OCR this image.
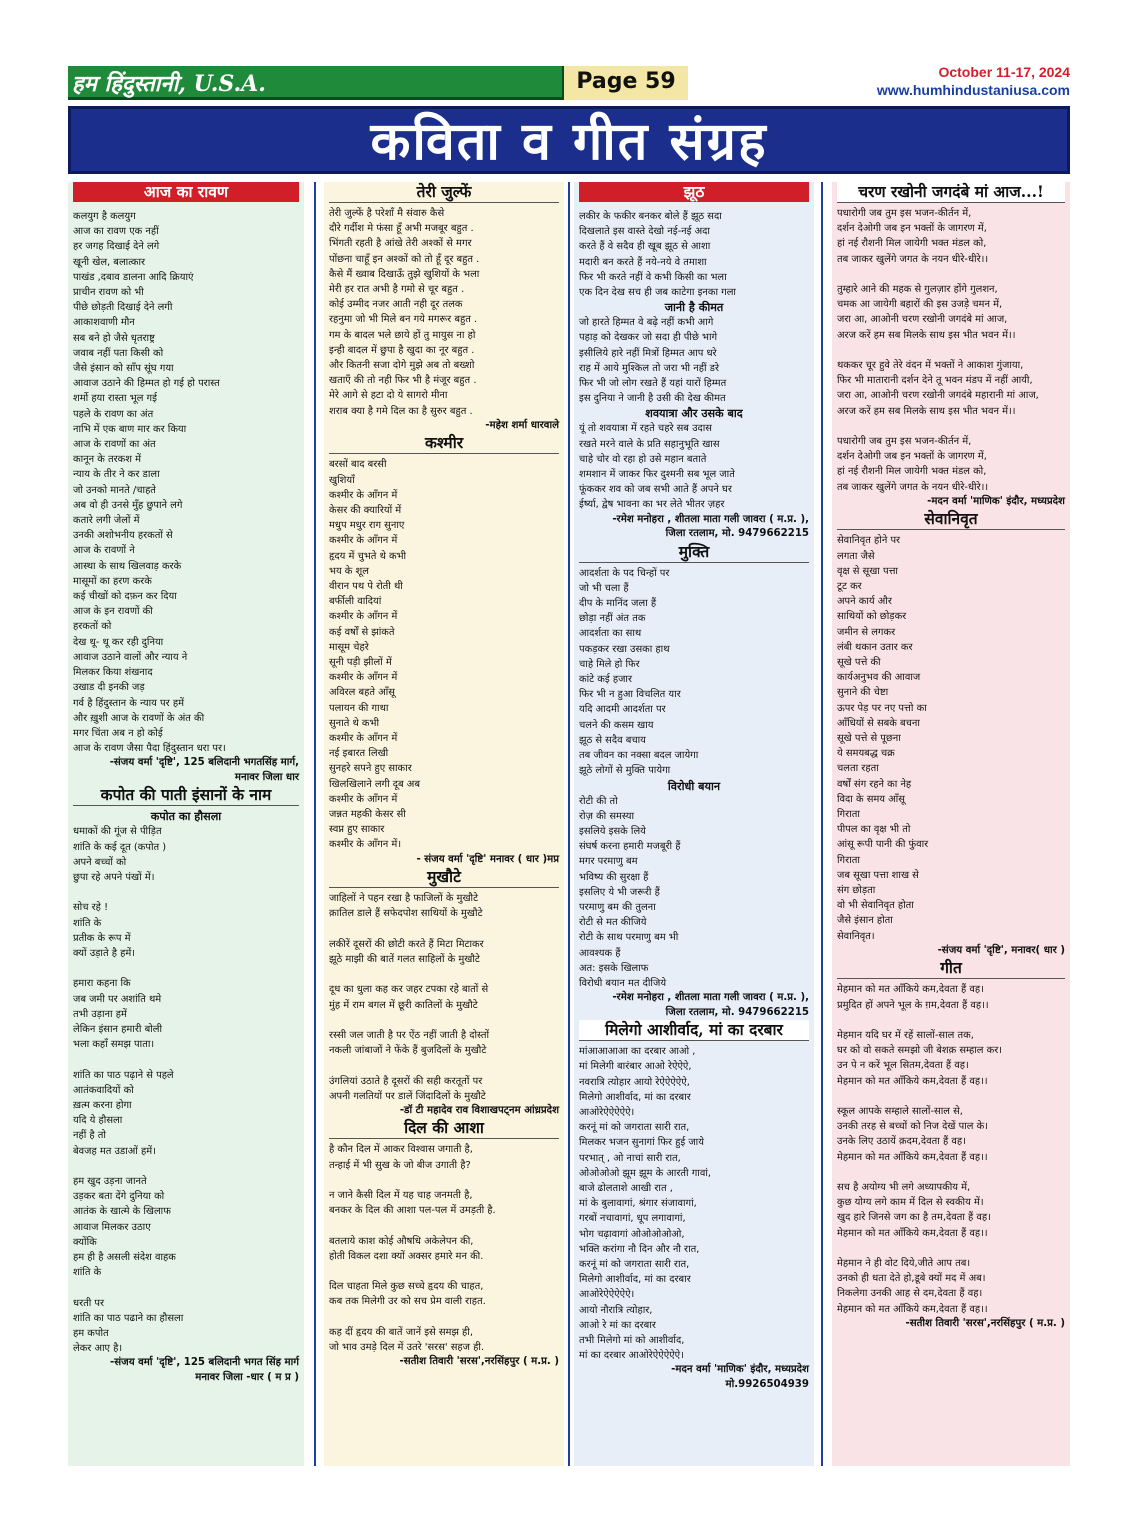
हम हिंदुस्तानी, U.S.A.	Page 59	October 11-17, 2024
www.humhindustaniusa.com
कविता व गीत संग्रह
आज का रावण
कलयुग है कलयुग
आज का रावण एक नहीं
हर जगह दिखाई देने लगे
खूनी खेल, बलात्कार
पाखंड ,दबाव डालना आदि क्रियाएं
प्राचीन रावण को भी
पीछे छोड़ती दिखाई देने लगी
आकाशवाणी मौन
सब बने हो जैसे धृतराष्ट्र
जवाब नहीं पता किसी को
जैसे इंसान को साँप सूंघ गया
आवाज उठाने की हिम्मत हो गई हो परास्त
शर्मो हया रास्ता भूल गई
पहले के रावण का अंत
नाभि में एक बाण मार कर किया
आज के रावणों का अंत
कानून के तरकश में
न्याय के तीर ने कर डाला
जो उनको मानते /चाहते
अब वो ही उनसे मुँह छुपाने लगे
कतारे लगी जेलों में
उनकी अशोभनीय हरकतों से
आज के रावणों ने
आस्था के साथ खिलवाड़ करके
मासूमों का हरण करके
कई चीखों को दफ़न कर दिया
आज के इन रावणों की
हरकतों को
देख थू- थू कर रही दुनिया
आवाज उठाने वालों और न्याय ने
मिलकर किया शंखनाद
उखाड दी इनकी जड़
गर्व है हिंदुस्तान के न्याय पर हमें
और ख़ुशी आज के रावणों के अंत की
मगर चिंता अब न हो कोई
आज के रावण जैसा पैदा हिंदुस्तान धरा पर।
-संजय वर्मा 'दृष्टि', 125 बलिदानी भगतसिंह मार्ग, मनावर जिला धार
कपोत की पाती इंसानों के नाम
कपोत का हौसला
धमाकों की गूंज से पीड़ित
शांति के कई दूत (कपोत )
अपने बच्चों को
छुपा रहे अपने पंखों में।
सोच रहे !
शांति के
प्रतीक के रूप में
क्यों उड़ाते है हमें।
हमारा कहना कि
जब जमी पर अशांति थमे
तभी उड़ाना हमें
लेकिन इंसान हमारी बोली
भला कहाँ समझ पाता।
शांति का पाठ पढ़ाने से पहले
आतंकवादियों को
ख़त्म करना होगा
यदि ये हौसला
नहीं है तो
बेवजह मत उडाओं हमें।
हम खुद उड़ना जानते
उड़कर बता देंगे दुनिया को
आतंक के खात्मे के खिलाफ
आवाज मिलकर उठाए
क्योंकि
हम ही है असली संदेश वाहक
शांति के
धरती पर
शांति का पाठ पढाने का हौसला
हम कपोत
लेकर आए है।
-संजय वर्मा 'दृष्टि', 125 बलिदानी भगत सिंह मार्ग मनावर जिला -धार ( म प्र )
तेरी जुल्फें
तेरी जुल्फें है परेशाँ मै संवारु कैसे
दौरे गर्दीश मे फंसा हूँ अभी मजबूर बहुत .
भिंगती रहती है आंखे तेरी अश्कों से मगर
पोंछना चाहूँ इन अश्कों को तो हूँ दूर बहुत .
कैसे मैं ख्वाब दिखाऊँ तुझे खुशियों के भला
मेरी हर रात अभी है गमो से चूर बहुत .
कोई उम्मीद नजर आती नही दूर तलक
रहनुमा जो भी मिले बन गये मगरूर बहुत .
गम के बादल भले छाये हों तु मायुस ना हो
इन्ही बादल में छुपा है खुदा का नूर बहुत .
और कितनी सजा दोगे मुझे अब तो बख्शो
खताएँ की तो नही फिर भी है मंजूर बहुत .
मेरे आगे से हटा दो ये सागरो मीना
शराब क्या है गमे दिल का है सुरुर बहुत .
-महेश शर्मा धारवाले
कश्मीर
बरसों बाद बरसी
खुशियाँ
कश्मीर के आँगन में
केसर की क्यारियों में
मधुप मधुर राग सुनाए
कश्मीर के आँगन में
हृदय में चुभते थे कभी
भय के शूल
वीरान पथ पे रोती थी
बर्फीली वादियां
कश्मीर के आँगन में
कई वर्षों से झांकते
मासूम चेहरे
सूनी पड़ी झीलों में
कश्मीर के आँगन में
अविरल बहते आँसू
पलायन की गाथा
सुनाते थे कभी
कश्मीर के आँगन में
नई इबारत लिखी
सुनहरे सपने हुए साकार
खिलखिलाने लगी दूब अब
कश्मीर के आँगन में
जन्नत महकी केसर सी
स्वप्न हुए साकार
कश्मीर के आँगन में।
- संजय वर्मा 'दृष्टि' मनावर ( धार )मप्र
मुखौटे
जाहिलों ने पहन रखा है फाजिलों के मुखौटे
क़ातिल डाले हैं सफेदपोश साथियों के मुखौटे
लकीरें दूसरों की छोटी करते हैं मिटा मिटाकर
झूठे माझी की बातें गलत साहिलों के मुखौटे
दूध का धुला कह कर जहर टपका रहे बातों से
मुंह में राम बगल में छूरी कातिलों के मुखौटे
रस्सी जल जाती है पर ऐंठ नहीं जाती है दोस्तों
नकली जांबाजों ने फेंके हैं बुजदिलों के मुखौटे
उंगलियां उठाते है दूसरों की सही करतूतों पर
अपनी गलतियों पर डालें जिंदादिलों के मुखौटे
-डॉ टी महादेव राव विशाखपट्नम आंध्रप्रदेश
दिल की आशा
है कौन दिल में आकर विश्वास जगाती है,
तन्हाई में भी सुख के जो बीज उगाती है?
न जाने कैसी दिल में यह चाह जनमती है,
बनकर के दिल की आशा पल-पल में उमड़ती है.
बतलाये काश कोई औषधि अकेलेपन की,
होती विकल दशा क्यों अक्सर हमारे मन की.
दिल चाहता मिले कुछ सच्चे हृदय की चाहत,
कब तक मिलेगी उर को सच प्रेम वाली राहत.
कह दीं हृदय की बातें जानें इसे समझ ही,
जो भाव उमड़े दिल में उतरे 'सरस' सहज ही.
-सतीश तिवारी 'सरस',नरसिंहपुर ( म.प्र. )
झूठ
लकीर के फकीर बनकर बोले हैं झूठ सदा
दिखलाते इस वास्ते देखो नई-नई अदा
करते हैं वे सदैव ही खूब झूठ से आशा
मदारी बन करते हैं नये-नये वे तमाशा
फिर भी करते नहीं वे कभी किसी का भला
एक दिन देख सच ही जब काटेगा इनका गला
जानी है कीमत
जो हारते हिम्मत वे बढ़े नहीं कभी आगे
पहाड़ को देखकर जो सदा ही पीछे भागे
इसीलिये हारे नहीं मित्रों हिम्मत आप धरे
राह में आये मुश्किल तो जरा भी नहीं डरे
फिर भी जो लोग रखते हैं यहां यारों हिम्मत
इस दुनिया ने जानी है उसी की देख कीमत
शवयात्रा और उसके बाद
यूं तो शवयात्रा में रहते चहरे सब उदास
रखते मरने वाले के प्रति सहानुभूति खास
चाहे चोर वो रहा हो उसे महान बताते
शमशान में जाकर फिर दुश्मनी सब भूल जाते
फूंककर शव को जब सभी आते हैं अपने घर
ईर्ष्या, द्वेष भावना का भर लेते भीतर ज़हर
-रमेश मनोहरा , शीतला माता गली जावरा ( म.प्र. ), जिला रतलाम, मो. 9479662215
मुक्ति
आदर्शता के पद चिन्हों पर
जो भी चला हैं
दीप के मानिंद जला हैं
छोड़ा नहीं अंत तक
आदर्शता का साथ
पकड़कर रखा उसका हाथ
चाहे मिले हो फिर
कांटे कई हजार
फिर भी न हुआ विचलित यार
यदि आदमी आदर्शता पर
चलने की कसम खाय
झूठ से सदैव बचाय
तब जीवन का नक्सा बदल जायेगा
झूठे लोगों से मुक्ति पायेगा
विरोधी बयान
रोटी की तो
रोज़ की समस्या
इसलिये इसके लिये
संघर्ष करना हमारी मजबूरी हैं
मगर परमाणु बम
भविष्य की सुरक्षा हैं
इसलिए ये भी जरूरी हैं
परमाणु बम की तुलना
रोटी से मत कीजिये
रोटी के साथ परमाणु बम भी
आवश्यक हैं
अत: इसके खिलाफ
विरोधी बयान मत दीजिये
-रमेश मनोहरा , शीतला माता गली जावरा ( म.प्र. ), जिला रतलाम, मो. 9479662215
मिलेगो आशीर्वाद, मां का दरबार
मांआआआआ का दरबार आओ ,
मां मिलेगी बारंबार आओ रेऐऐऐ,
नवरात्रि त्योहार आयो रेऐऐऐऐऐ,
मिलेगो आशीर्वाद, मां का दरबार
आओरेऐऐऐऐऐ।
करनूं मां को जगराता सारी रात,
मिलकर भजन सुनागां फिर हुई जाये
परभात् , ओ नाचां सारी रात,
ओओओओ झूम झूम के आरती गावां,
बाजे ढोलताशे आखी रात ,
मां के बुलावागां, श्रंगार संजावागां,
गरबों नचावागां, धूप लगावागां,
भोग चढ़ावागां ओओओओओ,
भक्ति करांगा नौ दिन और नौ रात,
करनूं मां को जगराता सारी रात,
मिलेगो आशीर्वाद, मां का दरबार
आओरेऐऐऐऐऐ।
आयो नौरात्रि त्योहार,
आओ रे मां का दरबार
तभी मिलेगो मां को आशीर्वाद,
मां का दरबार आओरेऐऐऐऐऐ।
-मदन वर्मा 'माणिक' इंदौर, मध्यप्रदेश मो.9926504939
चरण रखोनी जगदंबे मां आज...!
पधारोगी जब तुम इस भजन-कीर्तन में,
दर्शन देओगी जब इन भक्तों के जागरण में,
हां नई रौशनी मिल जायेगी भक्त मंडल को,
तब जाकर खुलेंगे जगत के नयन धीरे-धीरे।।
तुम्हारे आने की महक से गुलज़ार होंगे गुलशन,
चमक आ जायेगी बहारों की इस उजड़े चमन में,
जरा आ, आओनी चरण रखोनी जगदंबे मां आज,
अरज करें हम सब मिलके साथ इस भीत भवन में।।
थककर चूर हुवे तेरे वंदन में भक्तों ने आकाश गुंजाया,
फिर भी मातारानी दर्शन देने तू भवन मंडप में नहीं आयी,
जरा आ, आओनी चरण रखोनी जगदंबे महारानी मां आज,
अरज करें हम सब मिलके साथ इस भीत भवन में।।
पधारोगी जब तुम इस भजन-कीर्तन में,
दर्शन देओगी जब इन भक्तों के जागरण में,
हां नई रौशनी मिल जायेगी भक्त मंडल को,
तब जाकर खुलेंगे जगत के नयन धीरे-धीरे।।
-मदन वर्मा 'माणिक' इंदौर, मध्यप्रदेश
सेवानिवृत
सेवानिवृत होने पर
लगता जैसे
वृक्ष से सूखा पत्ता
टूट कर
अपने कार्य और
साथियों को छोड़कर
जमीन से लगकर
लंबी थकान उतार कर
सूखे पत्ते की
कार्यअनुभव की आवाज
सुनाने की चेष्टा
ऊपर पेड़ पर नए पत्तो का
आँधियों से सबके बचना
सूखे पत्ते से पूछना
ये समयबद्ध चक्र
चलता रहता
वर्षों संग रहने का नेह
विदा के समय आँसू
गिराता
पीपल का वृक्ष भी तो
आंसू रूपी पानी की फुंवार
गिराता
जब सूखा पत्ता शाख से
संग छोड़ता
वो भी सेवानिवृत होता
जैसे इंसान होता
सेवानिवृत।
-संजय वर्मा 'दृष्टि', मनावर( धार )
गीत
मेहमान को मत आँकिये कम,देवता हैं वह।
प्रमुदित हों अपने भूल के ग़म,देवता हैं वह।।
मेहमान यदि घर में रहें सालों-साल तक,
घर को वो सकते समझो जी बेशक़ सम्हाल कर।
उन पे न करें भूल सितम,देवता हैं वह।
मेहमान को मत आँकिये कम,देवता हैं वह।।
स्कूल आपके सम्हाले सालों-साल से,
उनकी तरह से बच्चों को निज देखें पाल के।
उनके लिए उठायें क़दम,देवता हैं वह।
मेहमान को मत आँकिये कम,देवता हैं वह।।
सच है अयोग्य भी लगे अध्यापकीय में,
कुछ योग्य लगे काम में दिल से स्वकीय में।
खुद हारे जिनसे जग का है तम,देवता हैं वह।
मेहमान को मत आँकिये कम,देवता हैं वह।।
मेहमान ने ही वोट दिये,जीते आप तब।
उनको ही धता देते हो,डूबे क्यों मद में अब।
निकलेगा उनकी आह से दम,देवता हैं वह।
मेहमान को मत आँकिये कम,देवता हैं वह।।
-सतीश तिवारी 'सरस',नरसिंहपुर ( म.प्र. )
